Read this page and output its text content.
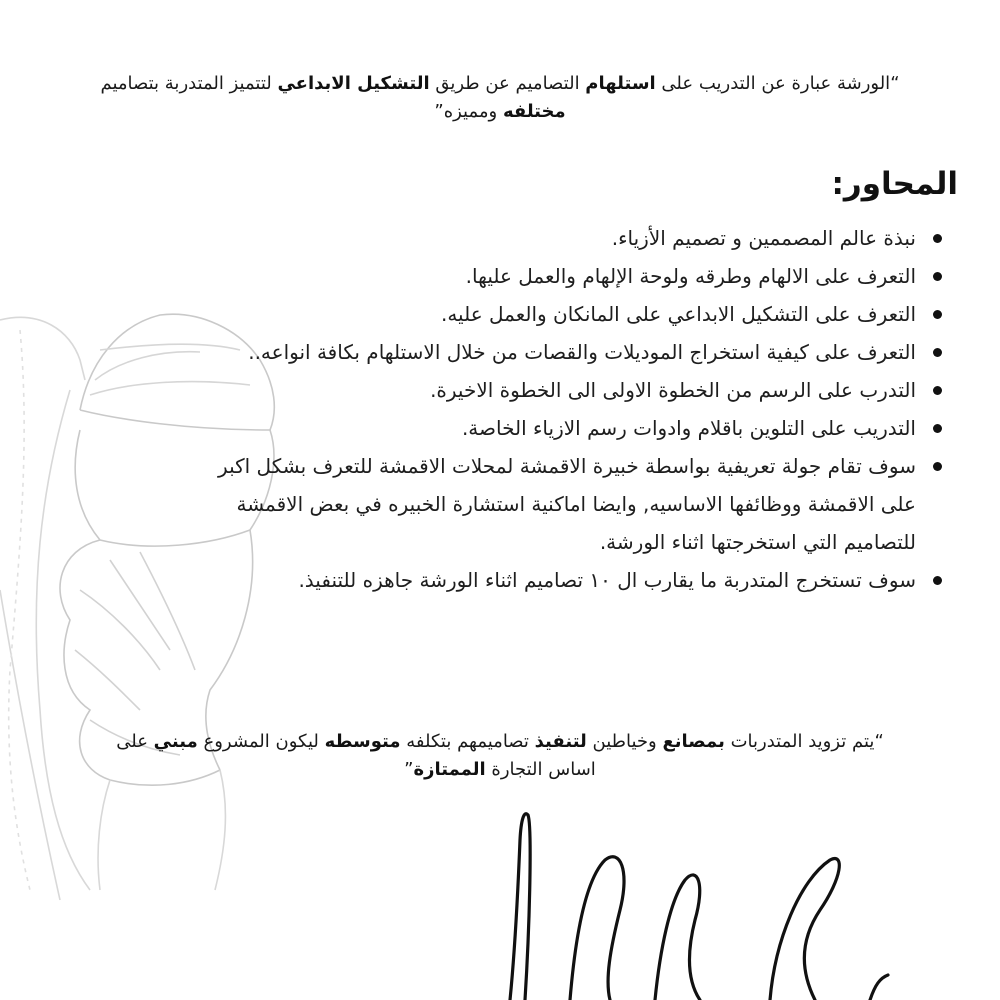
“الورشة عبارة عن التدريب على استلهام التصاميم عن طريق التشكيل الابداعي لتتميز المتدربة بتصاميم مختلفه ومميزه”
المحاور:
نبذة عالم المصممين و تصميم الأزياء.
التعرف على الالهام وطرقه ولوحة الإلهام والعمل عليها.
التعرف على التشكيل الابداعي على المانكان والعمل عليه.
التعرف على كيفية استخراج الموديلات والقصات من خلال الاستلهام بكافة انواعه..
التدرب على الرسم من الخطوة الاولى الى الخطوة الاخيرة.
التدريب على التلوين باقلام وادوات رسم الازياء الخاصة.
سوف تقام جولة تعريفية بواسطة خبيرة الاقمشة لمحلات الاقمشة للتعرف بشكل اكبر على الاقمشة ووظائفها الاساسيه, وايضا اماكنية استشارة الخبيره في بعض الاقمشة للتصاميم التي استخرجتها اثناء الورشة.
سوف تستخرج المتدربة ما يقارب ال ١٠ تصاميم اثناء الورشة جاهزه للتنفيذ.
“يتم تزويد المتدربات بمصانع وخياطين لتنفيذ تصاميمهم بتكلفه متوسطه ليكون المشروع مبني على اساس التجارة الممتازة”
